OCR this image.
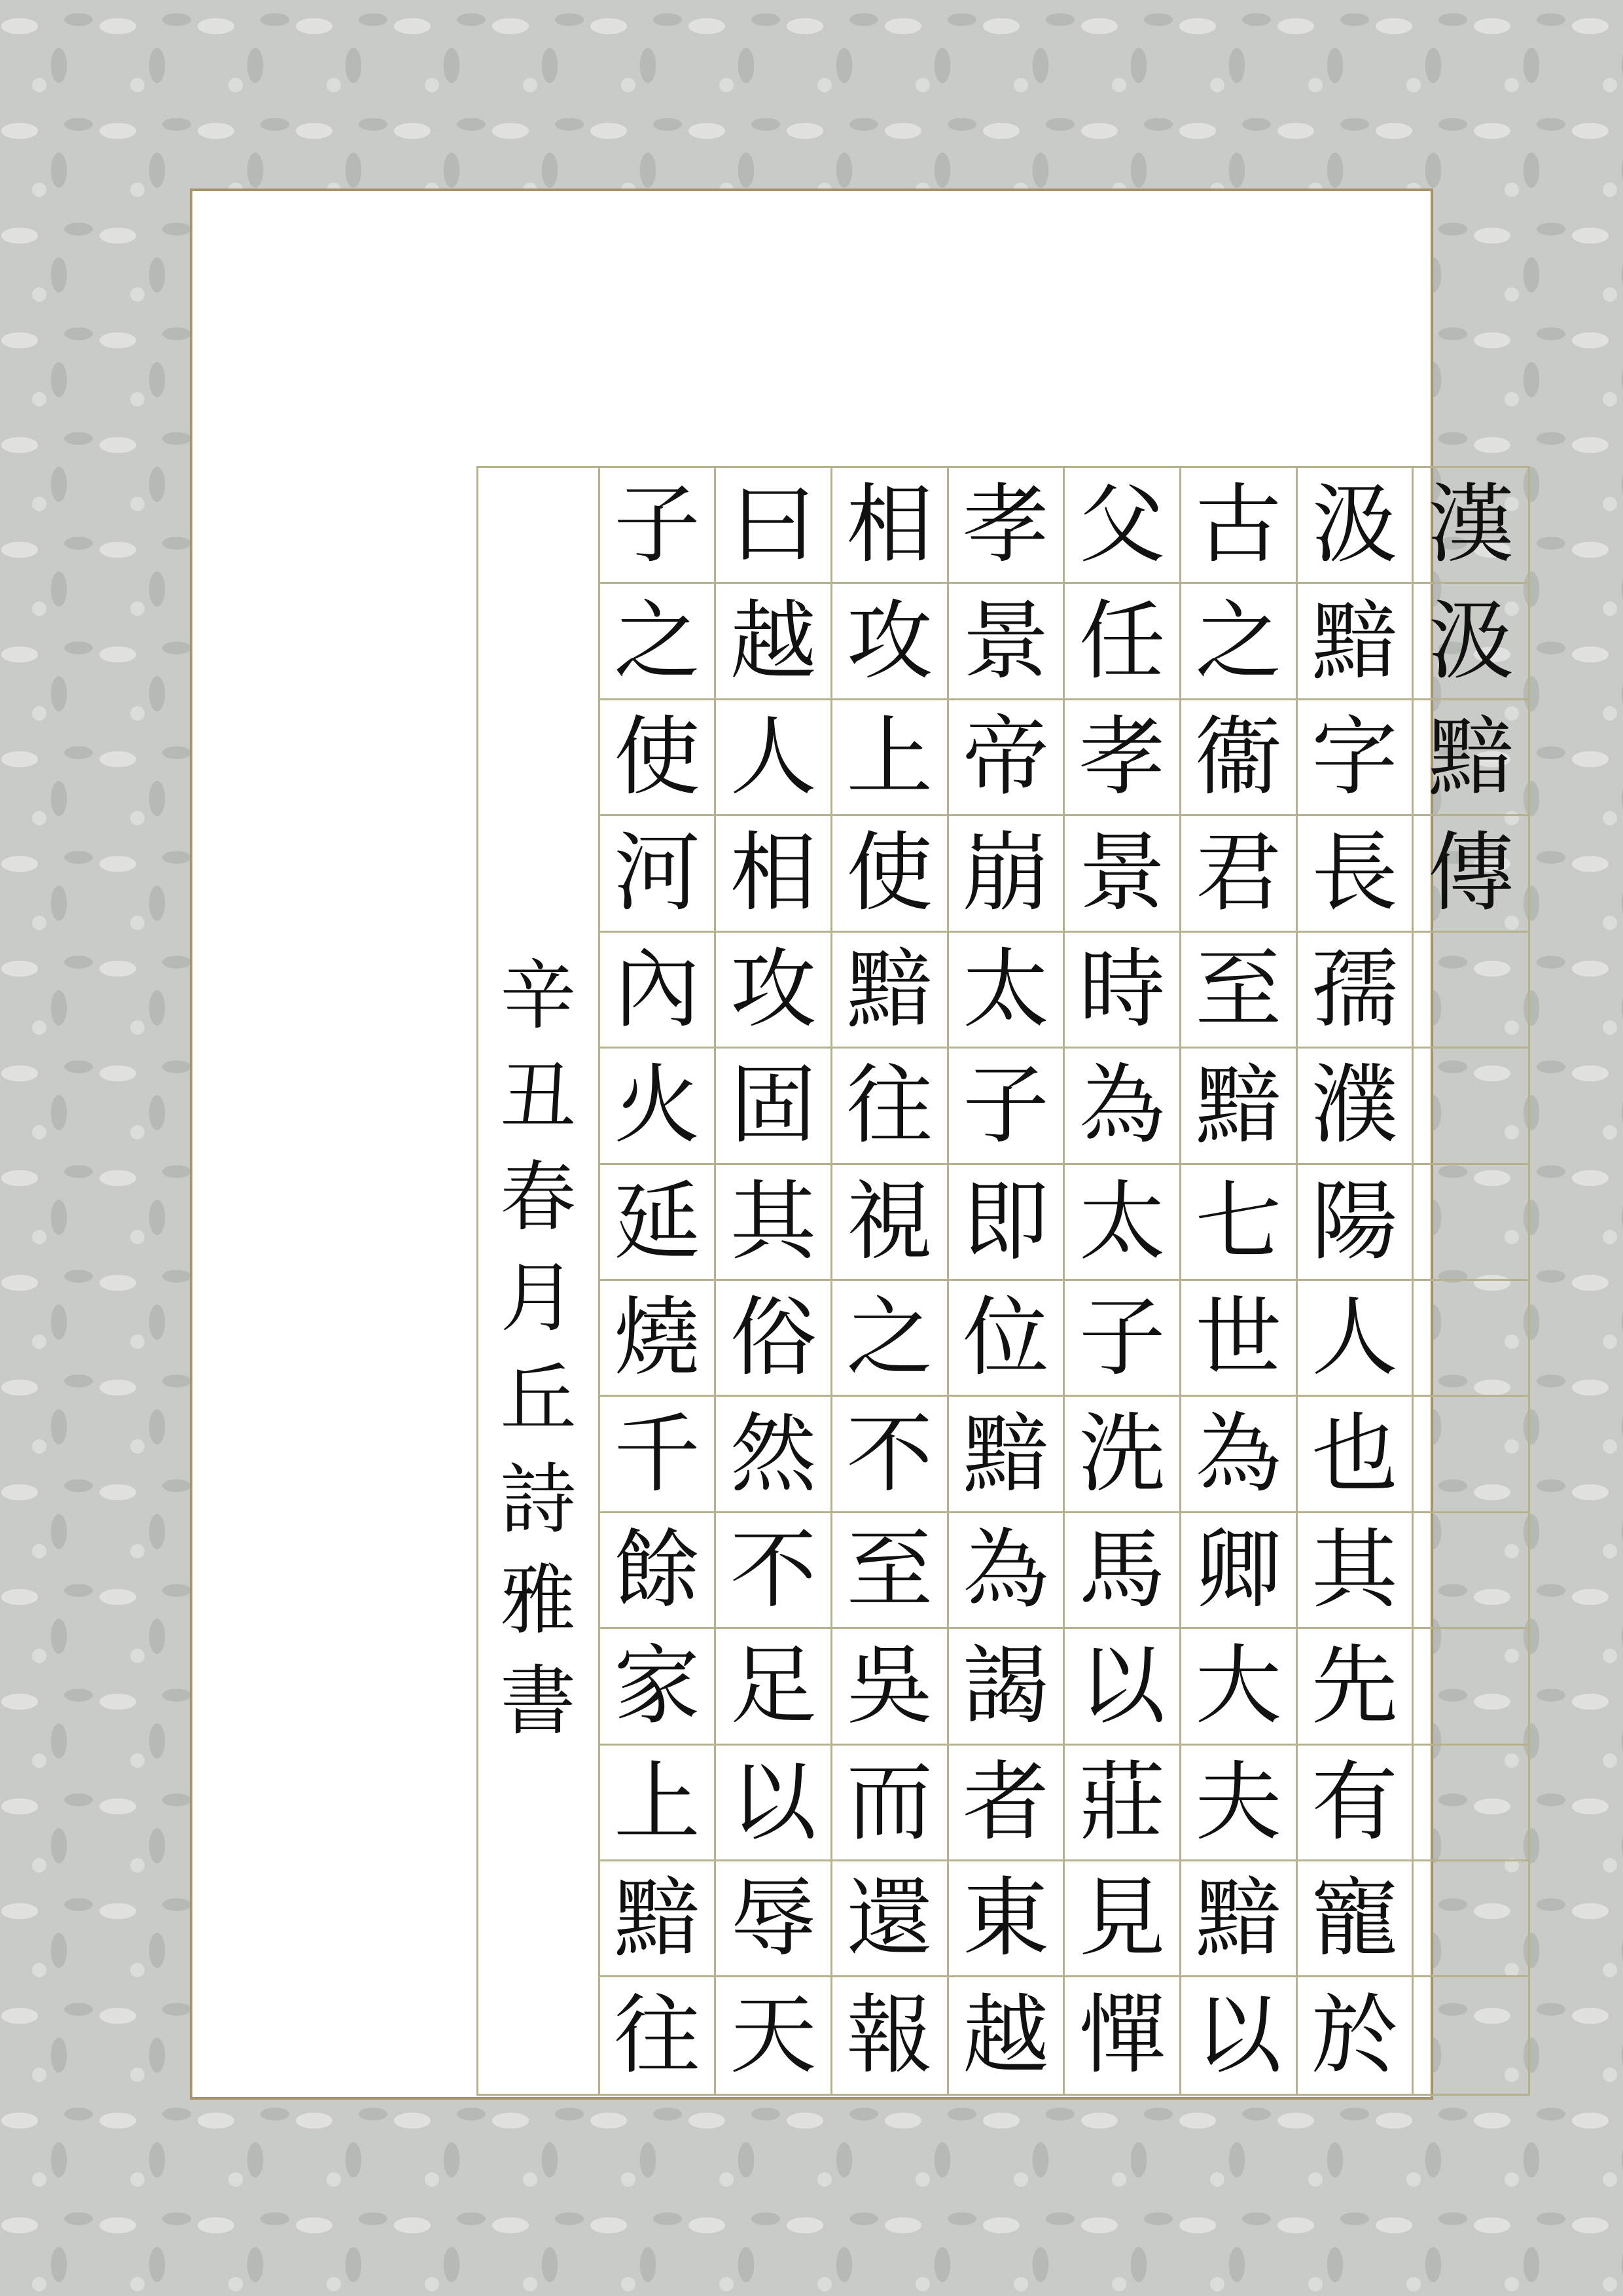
漢
汲
黯
傳
汲
黯
字
長
孺
濮
陽
人
也
其
先
有
寵
於
古
之
衞
君
至
黯
七
世
為
卿
大
夫
黯
以
父
任
孝
景
時
為
太
子
洗
馬
以
莊
見
憚
孝
景
帝
崩
太
子
即
位
黯
為
謁
者
東
越
相
攻
上
使
黯
往
視
之
不
至
吳
而
還
報
曰
越
人
相
攻
固
其
俗
然
不
足
以
辱
天
子
之
使
河
內
火
延
燒
千
餘
家
上
黯
往
辛
丑
春
月
丘
詩
雅
書
